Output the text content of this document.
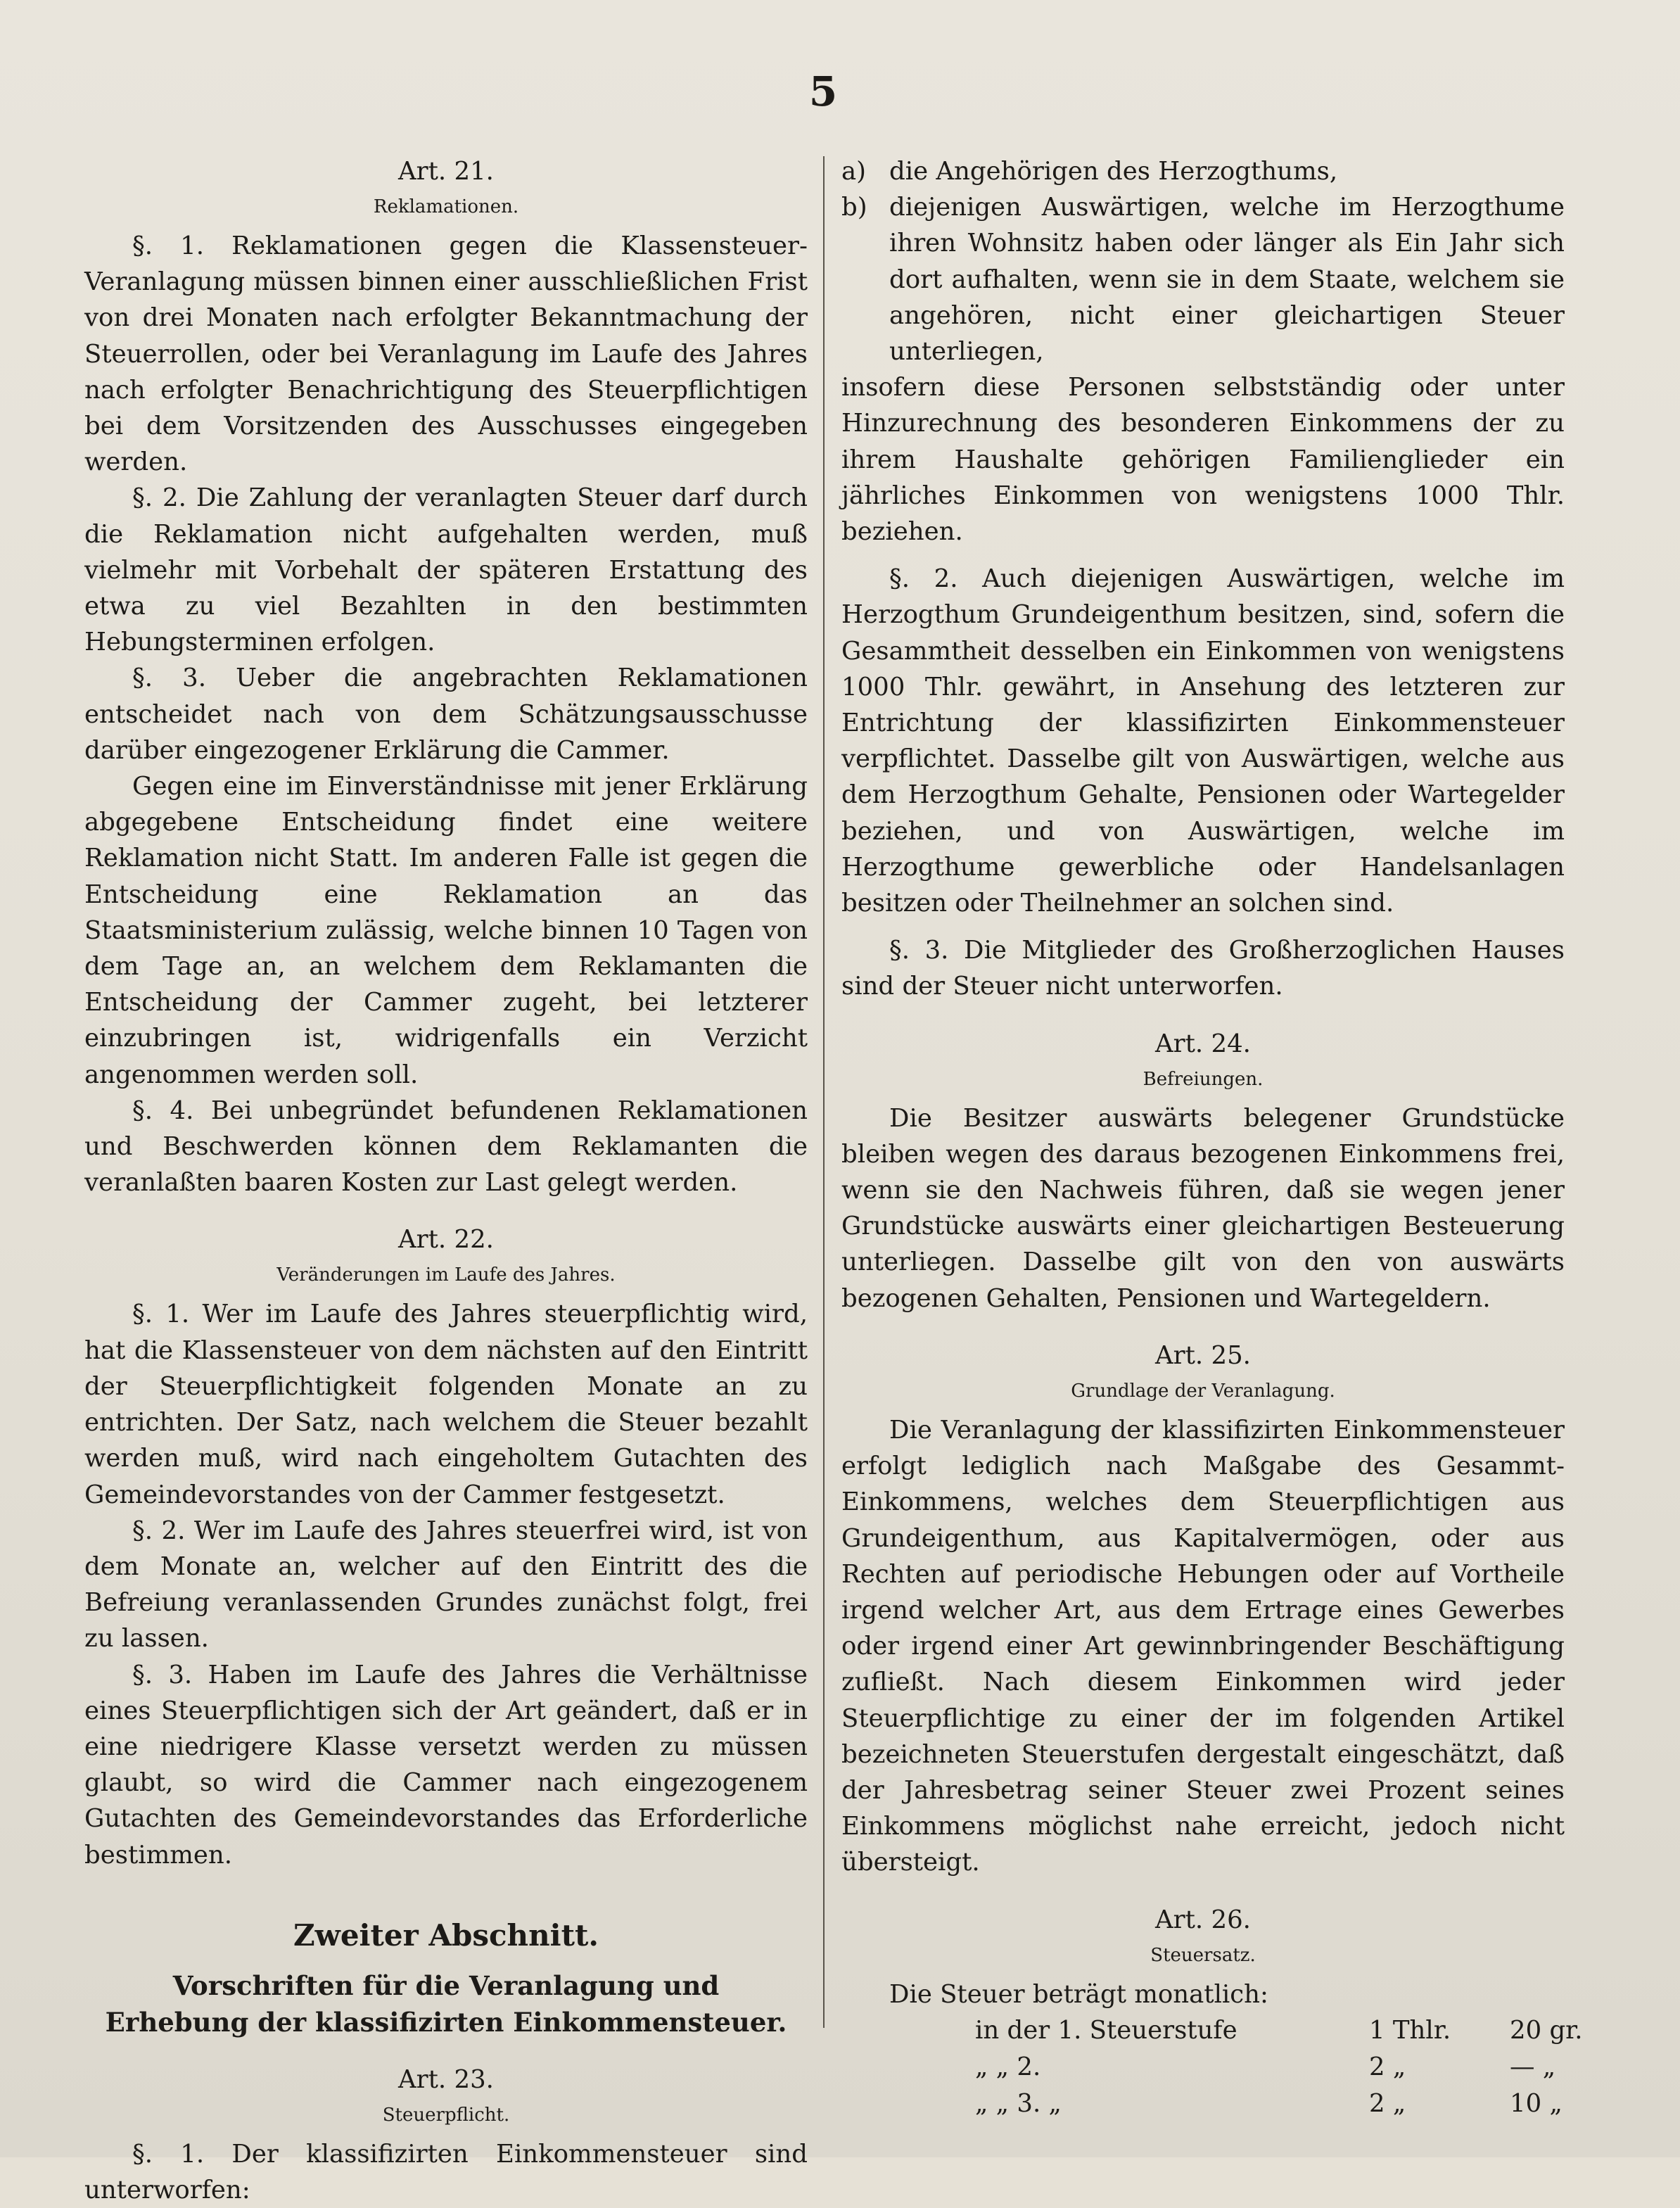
5

Art. 21.

Reklamationen.

§. 1. Reklamationen gegen die Klassensteuer-Veranlagung müssen binnen einer ausschließlichen Frist von drei Monaten nach erfolgter Bekanntmachung der Steuerrollen, oder bei Veranlagung im Laufe des Jahres nach erfolgter Benachrichtigung des Steuerpflichtigen bei dem Vorsitzenden des Ausschusses eingegeben werden.

§. 2. Die Zahlung der veranlagten Steuer darf durch die Reklamation nicht aufgehalten werden, muß vielmehr mit Vorbehalt der späteren Erstattung des etwa zu viel Bezahlten in den bestimmten Hebungsterminen erfolgen.

§. 3. Ueber die angebrachten Reklamationen entscheidet nach von dem Schätzungsausschusse darüber eingezogener Erklärung die Cammer.

Gegen eine im Einverständnisse mit jener Erklärung abgegebene Entscheidung findet eine weitere Reklamation nicht Statt. Im anderen Falle ist gegen die Entscheidung eine Reklamation an das Staatsministerium zulässig, welche binnen 10 Tagen von dem Tage an, an welchem dem Reklamanten die Entscheidung der Cammer zugeht, bei letzterer einzubringen ist, widrigenfalls ein Verzicht angenommen werden soll.

§. 4. Bei unbegründet befundenen Reklamationen und Beschwerden können dem Reklamanten die veranlaßten baaren Kosten zur Last gelegt werden.

Art. 22.

Veränderungen im Laufe des Jahres.

§. 1. Wer im Laufe des Jahres steuerpflichtig wird, hat die Klassensteuer von dem nächsten auf den Eintritt der Steuerpflichtigkeit folgenden Monate an zu entrichten. Der Satz, nach welchem die Steuer bezahlt werden muß, wird nach eingeholtem Gutachten des Gemeindevorstandes von der Cammer festgesetzt.

§. 2. Wer im Laufe des Jahres steuerfrei wird, ist von dem Monate an, welcher auf den Eintritt des die Befreiung veranlassenden Grundes zunächst folgt, frei zu lassen.

§. 3. Haben im Laufe des Jahres die Verhältnisse eines Steuerpflichtigen sich der Art geändert, daß er in eine niedrigere Klasse versetzt werden zu müssen glaubt, so wird die Cammer nach eingezogenem Gutachten des Gemeindevorstandes das Erforderliche bestimmen.

Zweiter Abschnitt.

Vorschriften für die Veranlagung und Erhebung der klassifizirten Einkommensteuer.

Art. 23.

Steuerpflicht.

§. 1. Der klassifizirten Einkommensteuer sind unterworfen:

a) die Angehörigen des Herzogthums,
b) diejenigen Auswärtigen, welche im Herzogthume ihren Wohnsitz haben oder länger als Ein Jahr sich dort aufhalten, wenn sie in dem Staate, welchem sie angehören, nicht einer gleichartigen Steuer unterliegen,

insofern diese Personen selbstständig oder unter Hinzurechnung des besonderen Einkommens der zu ihrem Haushalte gehörigen Familienglieder ein jährliches Einkommen von wenigstens 1000 Thlr. beziehen.

§. 2. Auch diejenigen Auswärtigen, welche im Herzogthum Grundeigenthum besitzen, sind, sofern die Gesammtheit desselben ein Einkommen von wenigstens 1000 Thlr. gewährt, in Ansehung des letzteren zur Entrichtung der klassifizirten Einkommensteuer verpflichtet. Dasselbe gilt von Auswärtigen, welche aus dem Herzogthum Gehalte, Pensionen oder Wartegelder beziehen, und von Auswärtigen, welche im Herzogthume gewerbliche oder Handelsanlagen besitzen oder Theilnehmer an solchen sind.

§. 3. Die Mitglieder des Großherzoglichen Hauses sind der Steuer nicht unterworfen.

Art. 24.

Befreiungen.

Die Besitzer auswärts belegener Grundstücke bleiben wegen des daraus bezogenen Einkommens frei, wenn sie den Nachweis führen, daß sie wegen jener Grundstücke auswärts einer gleichartigen Besteuerung unterliegen. Dasselbe gilt von den von auswärts bezogenen Gehalten, Pensionen und Wartegeldern.

Art. 25.

Grundlage der Veranlagung.

Die Veranlagung der klassifizirten Einkommensteuer erfolgt lediglich nach Maßgabe des Gesammt-Einkommens, welches dem Steuerpflichtigen aus Grundeigenthum, aus Kapitalvermögen, oder aus Rechten auf periodische Hebungen oder auf Vortheile irgend welcher Art, aus dem Ertrage eines Gewerbes oder irgend einer Art gewinnbringender Beschäftigung zufließt. Nach diesem Einkommen wird jeder Steuerpflichtige zu einer der im folgenden Artikel bezeichneten Steuerstufen dergestalt eingeschätzt, daß der Jahresbetrag seiner Steuer zwei Prozent seines Einkommens möglichst nahe erreicht, jedoch nicht übersteigt.

Art. 26.

Steuersatz.

Die Steuer beträgt monatlich:

in der 1. Steuerstufe	1 Thlr.	20 gr.
„ „ 2.	2 „	— „
„ „ 3. „	2 „	10 „
